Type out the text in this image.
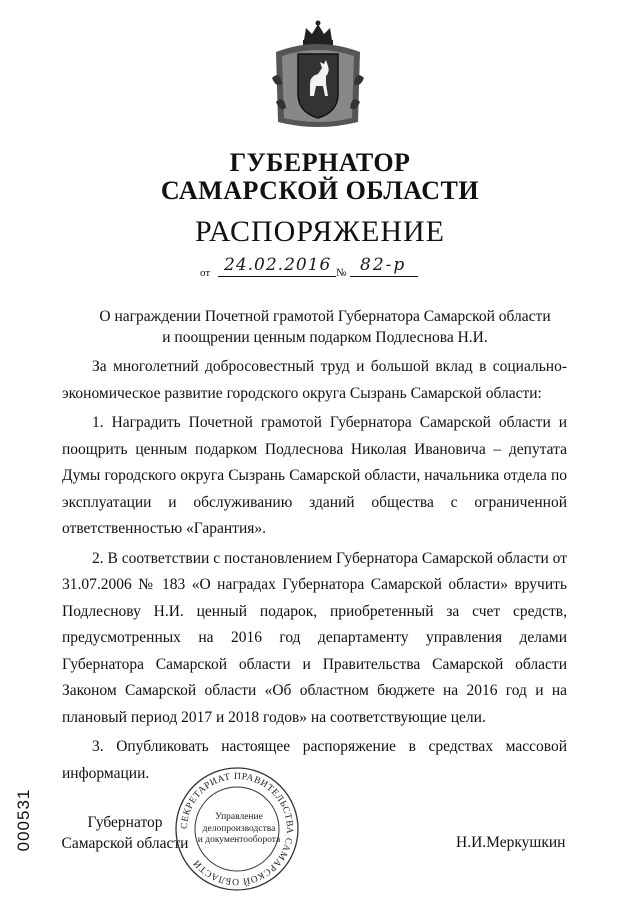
ГУБЕРНАТОР
САМАРСКОЙ ОБЛАСТИ
РАСПОРЯЖЕНИЕ
от 24.02.2016 № 82-р
О награждении Почетной грамотой Губернатора Самарской области
и поощрении ценным подарком Подлеснова Н.И.

За многолетний добросовестный труд и большой вклад в социально-экономическое развитие городского округа Сызрань Самарской области:

1. Наградить Почетной грамотой Губернатора Самарской области и поощрить ценным подарком Подлеснова Николая Ивановича – депутата Думы городского округа Сызрань Самарской области, начальника отдела по эксплуатации и обслуживанию зданий общества с ограниченной ответственностью «Гарантия».

2. В соответствии с постановлением Губернатора Самарской области от 31.07.2006 № 183 «О наградах Губернатора Самарской области» вручить Подлеснову Н.И. ценный подарок, приобретенный за счет средств, предусмотренных на 2016 год департаменту управления делами Губернатора Самарской области и Правительства Самарской области Законом Самарской области «Об областном бюджете на 2016 год и на плановый период 2017 и 2018 годов» на соответствующие цели.

3. Опубликовать настоящее распоряжение в средствах массовой информации.

Губернатор
Самарской области	Н.И.Меркушкин
СЕКРЕТАРИАТ ПРАВИТЕЛЬСТВА САМАРСКОЙ ОБЛАСТИ
Управление
делопроизводства
и документооборота
000531
